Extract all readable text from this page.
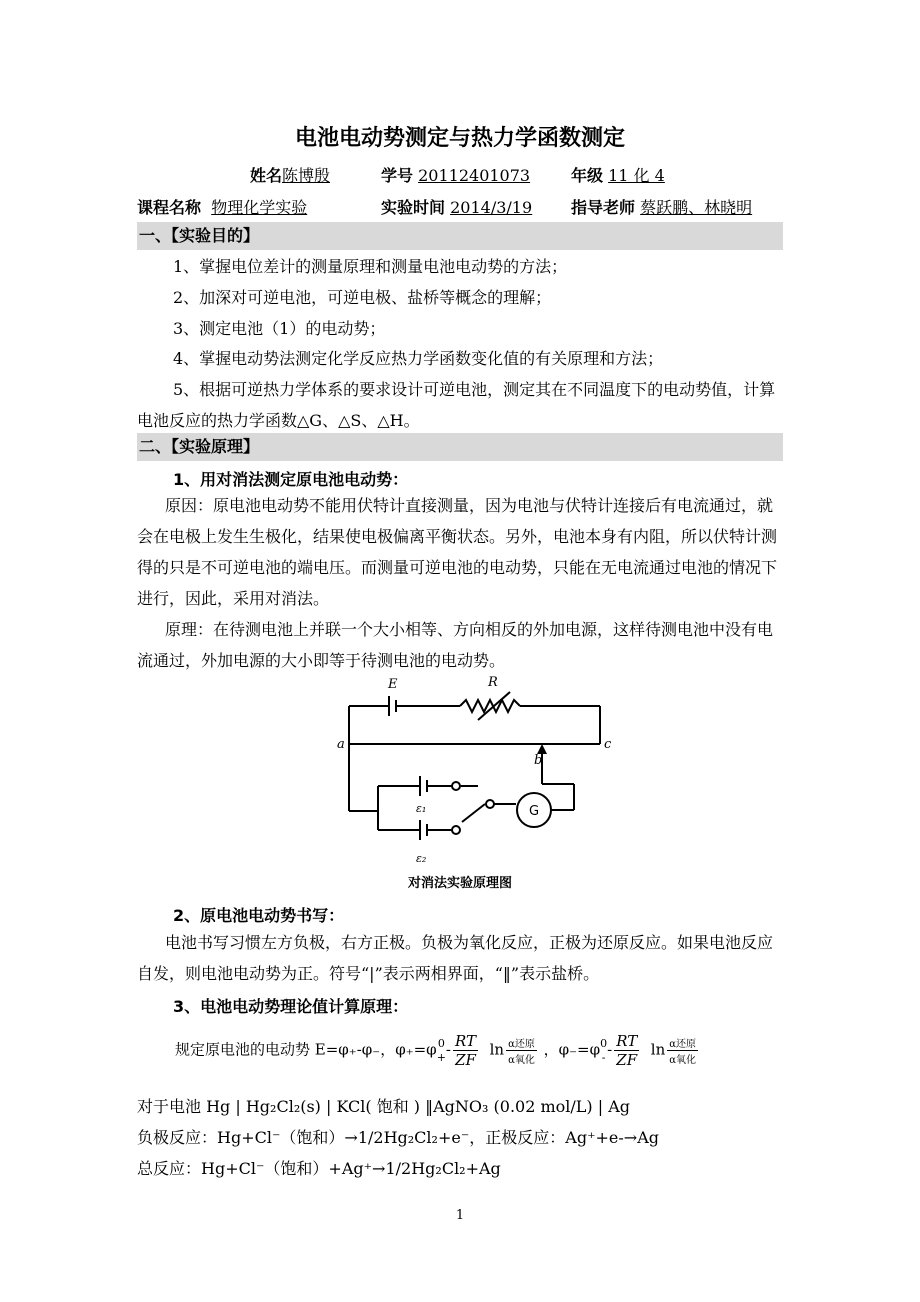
电池电动势测定与热力学函数测定
姓名陈博殷	学号 20112401073	年级 11 化 4
课程名称 物理化学实验	实验时间 2014/3/19 指导老师 蔡跃鹏、林晓明
一、【实验目的】
1、掌握电位差计的测量原理和测量电池电动势的方法；
2、加深对可逆电池，可逆电极、盐桥等概念的理解；
3、测定电池（1）的电动势；
4、掌握电动势法测定化学反应热力学函数变化值的有关原理和方法；
5、根据可逆热力学体系的要求设计可逆电池，测定其在不同温度下的电动势值，计算电池反应的热力学函数△G、△S、△H。
二、【实验原理】
1、用对消法测定原电池电动势：
原因：原电池电动势不能用伏特计直接测量，因为电池与伏特计连接后有电流通过，就会在电极上发生生极化，结果使电极偏离平衡状态。另外，电池本身有内阻，所以伏特计测得的只是不可逆电池的端电压。而测量可逆电池的电动势，只能在无电流通过电池的情况下进行，因此，采用对消法。
原理：在待测电池上并联一个大小相等、方向相反的外加电源，这样待测电池中没有电流通过，外加电源的大小即等于待测电池的电动势。
E	R
a
b
c
ε₁
ε₂
G
对消法实验原理图
2、原电池电动势书写：
电池书写习惯左方负极，右方正极。负极为氧化反应，正极为还原反应。如果电池反应自发，则电池电动势为正。符号“|”表示两相界面，“‖”表示盐桥。
3、电池电动势理论值计算原理：
规定原电池的电动势 E=φ₊-φ₋，φ₊=φ 0
+ - $\frac{RT}{ZF}$ $\ln \frac{\text{α还原}}{\text{α氧化}}$ ，φ₋=φ 0
- - $\frac{RT}{ZF}$ $\ln \frac{\text{α还原}}{\text{α氧化}}$
对于电池 Hg | Hg₂Cl₂(s) | KCl( 饱和 ) ‖AgNO₃ (0.02 mol/L) | Ag
负极反应：Hg+Cl⁻（饱和）→1/2Hg₂Cl₂+e⁻，正极反应：Ag⁺+e-→Ag
总反应：Hg+Cl⁻（饱和）+Ag⁺→1/2Hg₂Cl₂+Ag
1
